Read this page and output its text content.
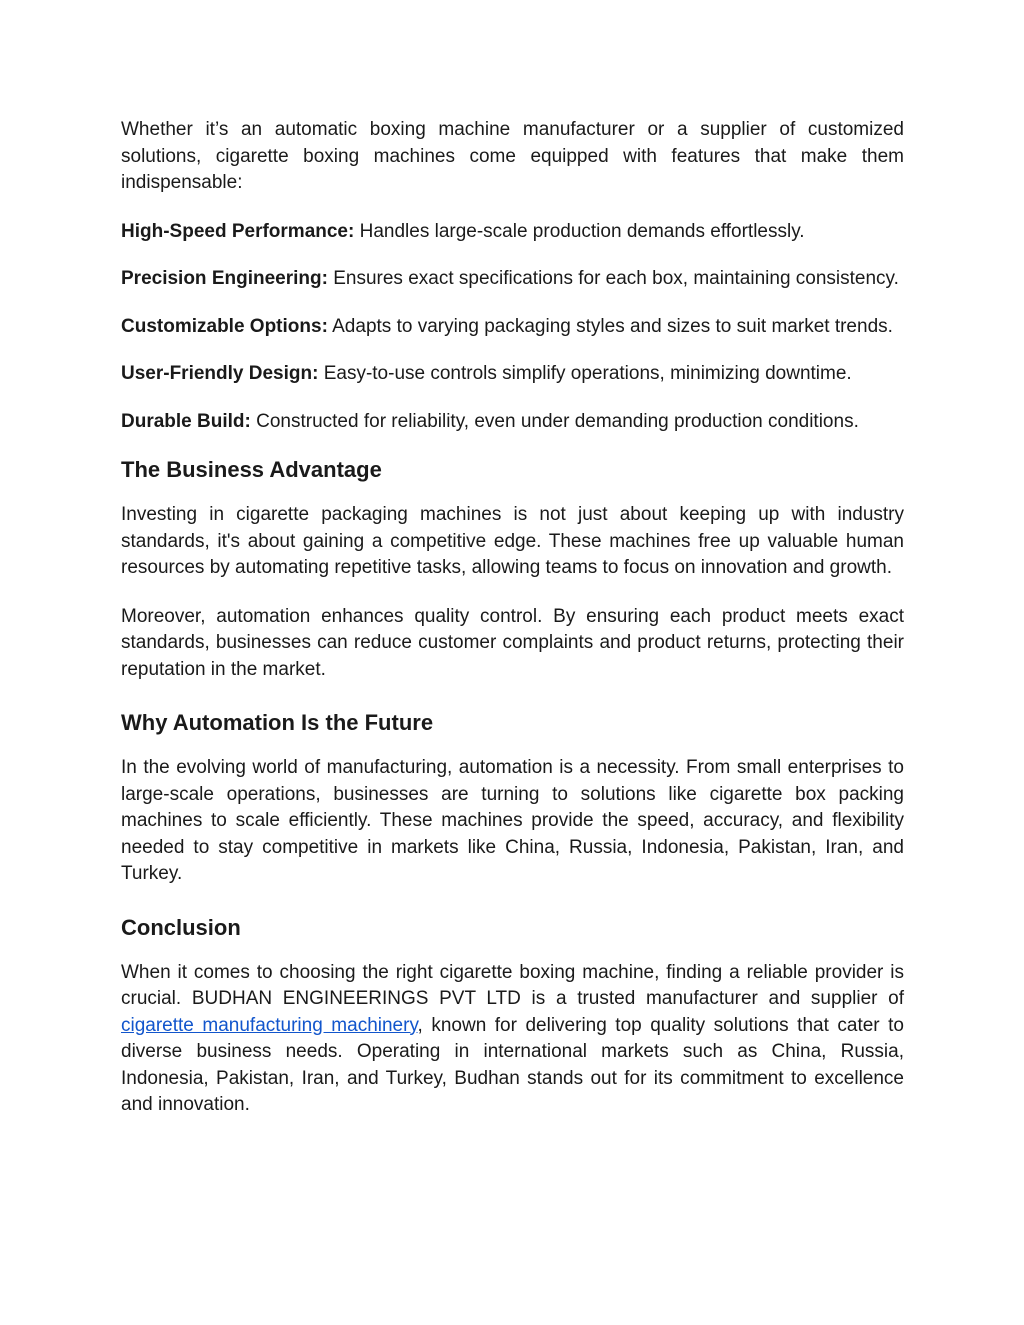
Whether it’s an automatic boxing machine manufacturer or a supplier of customized solutions, cigarette boxing machines come equipped with features that make them indispensable:

High-Speed Performance: Handles large-scale production demands effortlessly.

Precision Engineering: Ensures exact specifications for each box, maintaining consistency.

Customizable Options: Adapts to varying packaging styles and sizes to suit market trends.

User-Friendly Design: Easy-to-use controls simplify operations, minimizing downtime.

Durable Build: Constructed for reliability, even under demanding production conditions.

The Business Advantage

Investing in cigarette packaging machines is not just about keeping up with industry standards, it's about gaining a competitive edge. These machines free up valuable human resources by automating repetitive tasks, allowing teams to focus on innovation and growth.

Moreover, automation enhances quality control. By ensuring each product meets exact standards, businesses can reduce customer complaints and product returns, protecting their reputation in the market.

Why Automation Is the Future

In the evolving world of manufacturing, automation is a necessity. From small enterprises to large-scale operations, businesses are turning to solutions like cigarette box packing machines to scale efficiently. These machines provide the speed, accuracy, and flexibility needed to stay competitive in markets like China, Russia, Indonesia, Pakistan, Iran, and Turkey.

Conclusion

When it comes to choosing the right cigarette boxing machine, finding a reliable provider is crucial. BUDHAN ENGINEERINGS PVT LTD is a trusted manufacturer and supplier of cigarette manufacturing machinery, known for delivering top quality solutions that cater to diverse business needs. Operating in international markets such as China, Russia, Indonesia, Pakistan, Iran, and Turkey, Budhan stands out for its commitment to excellence and innovation.
